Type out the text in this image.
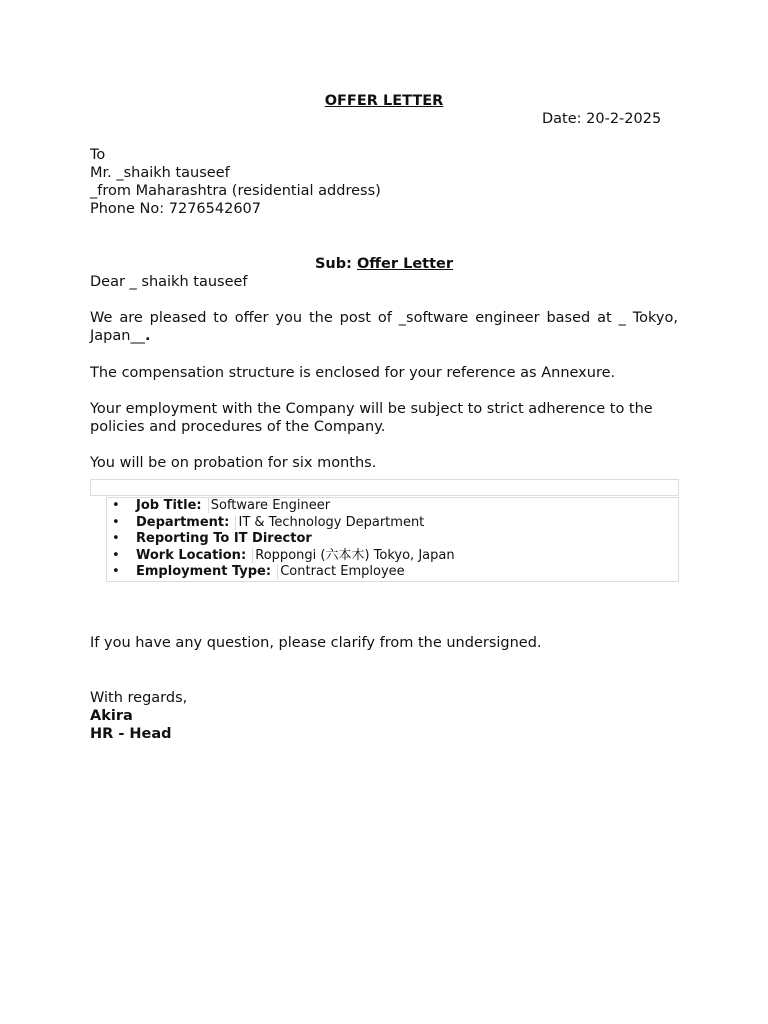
OFFER LETTER
Date: 20-2-2025
To
Mr. _shaikh tauseef
_from Maharashtra (residential address)
Phone No: 7276542607
Sub: Offer Letter
Dear _ shaikh tauseef
We are pleased to offer you the post of _software engineer based at _ Tokyo, Japan__.
The compensation structure is enclosed for your reference as Annexure.
Your employment with the Company will be subject to strict adherence to the policies and procedures of the Company.
You will be on probation for six months.
• Job Title: Software Engineer
• Department: IT & Technology Department
• Reporting To IT Director
• Work Location: Roppongi (六本木) Tokyo, Japan
• Employment Type: Contract Employee
If you have any question, please clarify from the undersigned.
With regards,
Akira
HR - Head
